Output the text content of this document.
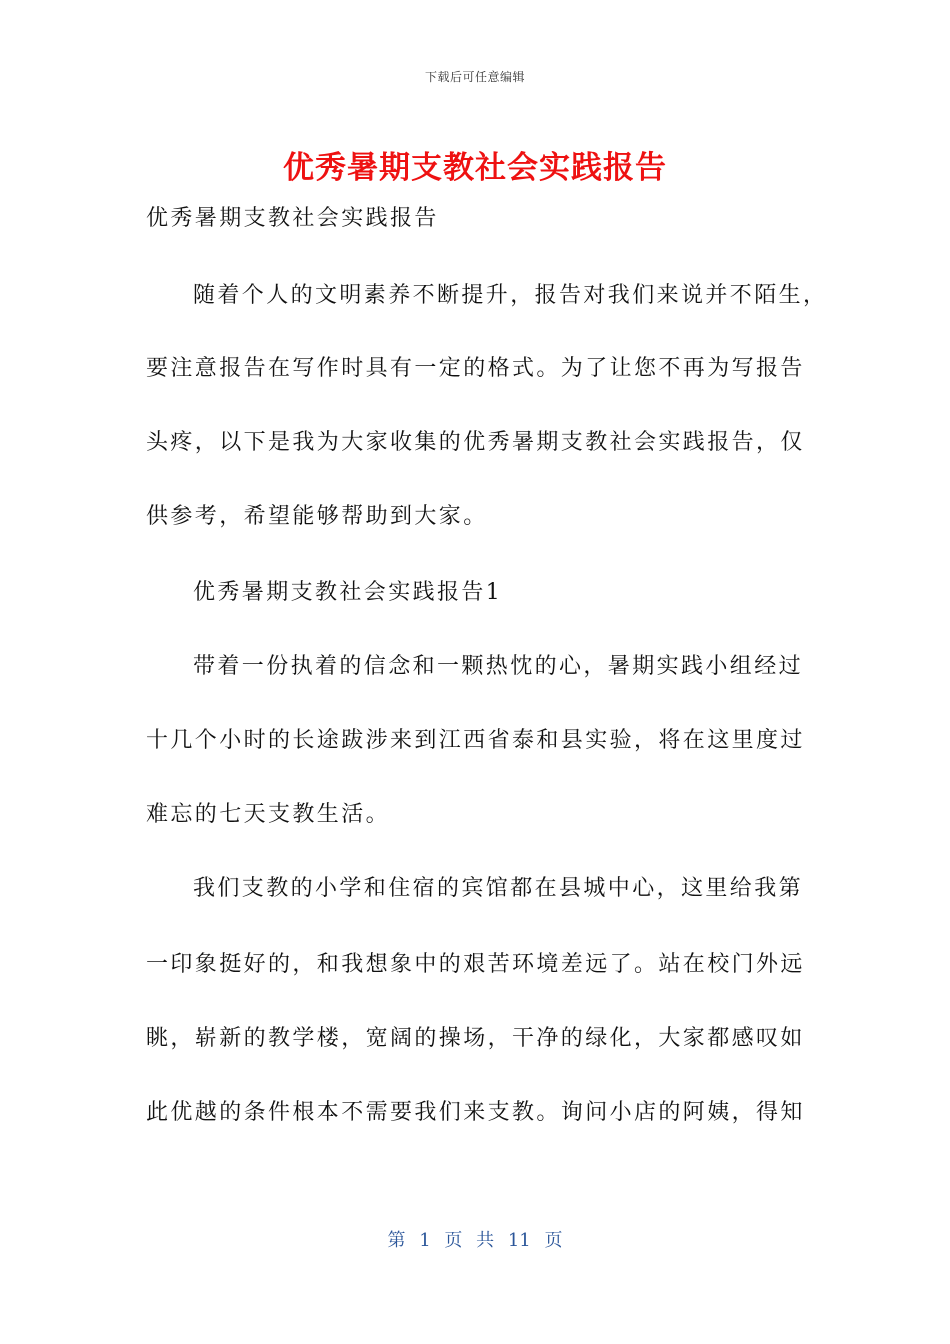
下载后可任意编辑
优秀暑期支教社会实践报告
优秀暑期支教社会实践报告
随着个人的文明素养不断提升，报告对我们来说并不陌生，
要注意报告在写作时具有一定的格式。为了让您不再为写报告
头疼，以下是我为大家收集的优秀暑期支教社会实践报告，仅
供参考，希望能够帮助到大家。
优秀暑期支教社会实践报告1
带着一份执着的信念和一颗热忱的心，暑期实践小组经过
十几个小时的长途跋涉来到江西省泰和县实验，将在这里度过
难忘的七天支教生活。
我们支教的小学和住宿的宾馆都在县城中心，这里给我第
一印象挺好的，和我想象中的艰苦环境差远了。站在校门外远
眺，崭新的教学楼，宽阔的操场，干净的绿化，大家都感叹如
此优越的条件根本不需要我们来支教。询问小店的阿姨，得知
第 1 页 共 11 页
